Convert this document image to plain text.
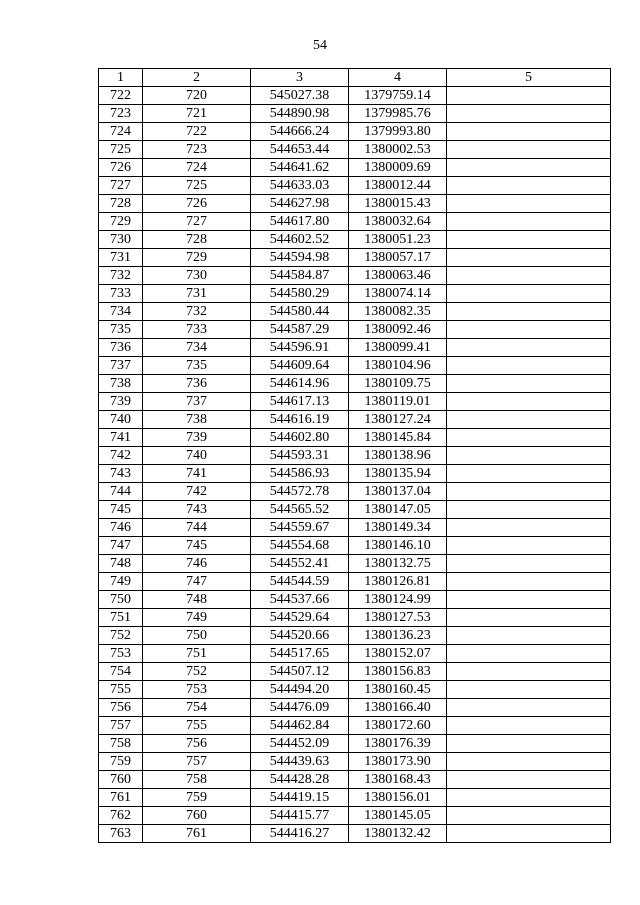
54
1	2	3	4	5
722	720	545027.38	1379759.14	
723	721	544890.98	1379985.76	
724	722	544666.24	1379993.80	
725	723	544653.44	1380002.53	
726	724	544641.62	1380009.69	
727	725	544633.03	1380012.44	
728	726	544627.98	1380015.43	
729	727	544617.80	1380032.64	
730	728	544602.52	1380051.23	
731	729	544594.98	1380057.17	
732	730	544584.87	1380063.46	
733	731	544580.29	1380074.14	
734	732	544580.44	1380082.35	
735	733	544587.29	1380092.46	
736	734	544596.91	1380099.41	
737	735	544609.64	1380104.96	
738	736	544614.96	1380109.75	
739	737	544617.13	1380119.01	
740	738	544616.19	1380127.24	
741	739	544602.80	1380145.84	
742	740	544593.31	1380138.96	
743	741	544586.93	1380135.94	
744	742	544572.78	1380137.04	
745	743	544565.52	1380147.05	
746	744	544559.67	1380149.34	
747	745	544554.68	1380146.10	
748	746	544552.41	1380132.75	
749	747	544544.59	1380126.81	
750	748	544537.66	1380124.99	
751	749	544529.64	1380127.53	
752	750	544520.66	1380136.23	
753	751	544517.65	1380152.07	
754	752	544507.12	1380156.83	
755	753	544494.20	1380160.45	
756	754	544476.09	1380166.40	
757	755	544462.84	1380172.60	
758	756	544452.09	1380176.39	
759	757	544439.63	1380173.90	
760	758	544428.28	1380168.43	
761	759	544419.15	1380156.01	
762	760	544415.77	1380145.05	
763	761	544416.27	1380132.42	
